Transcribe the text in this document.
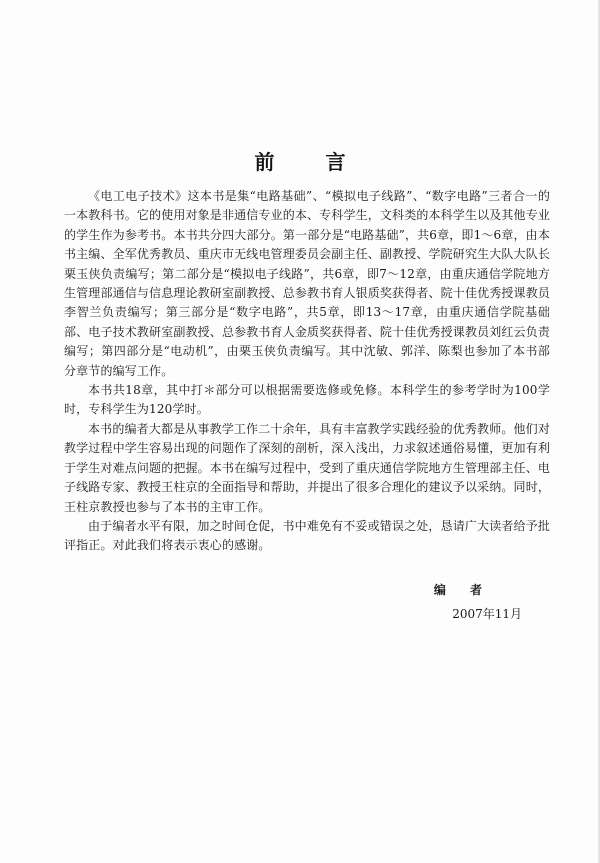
前 言

《电工电子技术》这本书是集“电路基础”、“模拟电子线路”、“数字电路”三者合一的一本教科书。它的使用对象是非通信专业的本、专科学生，文科类的本科学生以及其他专业的学生作为参考书。本书共分四大部分。第一部分是“电路基础”，共6章，即1～6章，由本书主编、全军优秀教员、重庆市无线电管理委员会副主任、副教授、学院研究生大队大队长栗玉侠负责编写；第二部分是“模拟电子线路”，共6章，即7～12章，由重庆通信学院地方生管理部通信与信息理论教研室副教授、总参教书育人银质奖获得者、院十佳优秀授课教员李智兰负责编写；第三部分是“数字电路”，共5章，即13～17章，由重庆通信学院基础部、电子技术教研室副教授、总参教书育人金质奖获得者、院十佳优秀授课教员刘红云负责编写；第四部分是“电动机”，由栗玉侠负责编写。其中沈敏、郭洋、陈梨也参加了本书部分章节的编写工作。

本书共18章，其中打＊部分可以根据需要选修或免修。本科学生的参考学时为100学时，专科学生为120学时。

本书的编者大都是从事教学工作二十余年，具有丰富教学实践经验的优秀教师。他们对教学过程中学生容易出现的问题作了深刻的剖析，深入浅出，力求叙述通俗易懂，更加有利于学生对难点问题的把握。本书在编写过程中，受到了重庆通信学院地方生管理部主任、电子线路专家、教授王柱京的全面指导和帮助，并提出了很多合理化的建议予以采纳。同时，王柱京教授也参与了本书的主审工作。

由于编者水平有限，加之时间仓促，书中难免有不妥或错误之处，恳请广大读者给予批评指正。对此我们将表示衷心的感谢。

编 者
2007年11月
